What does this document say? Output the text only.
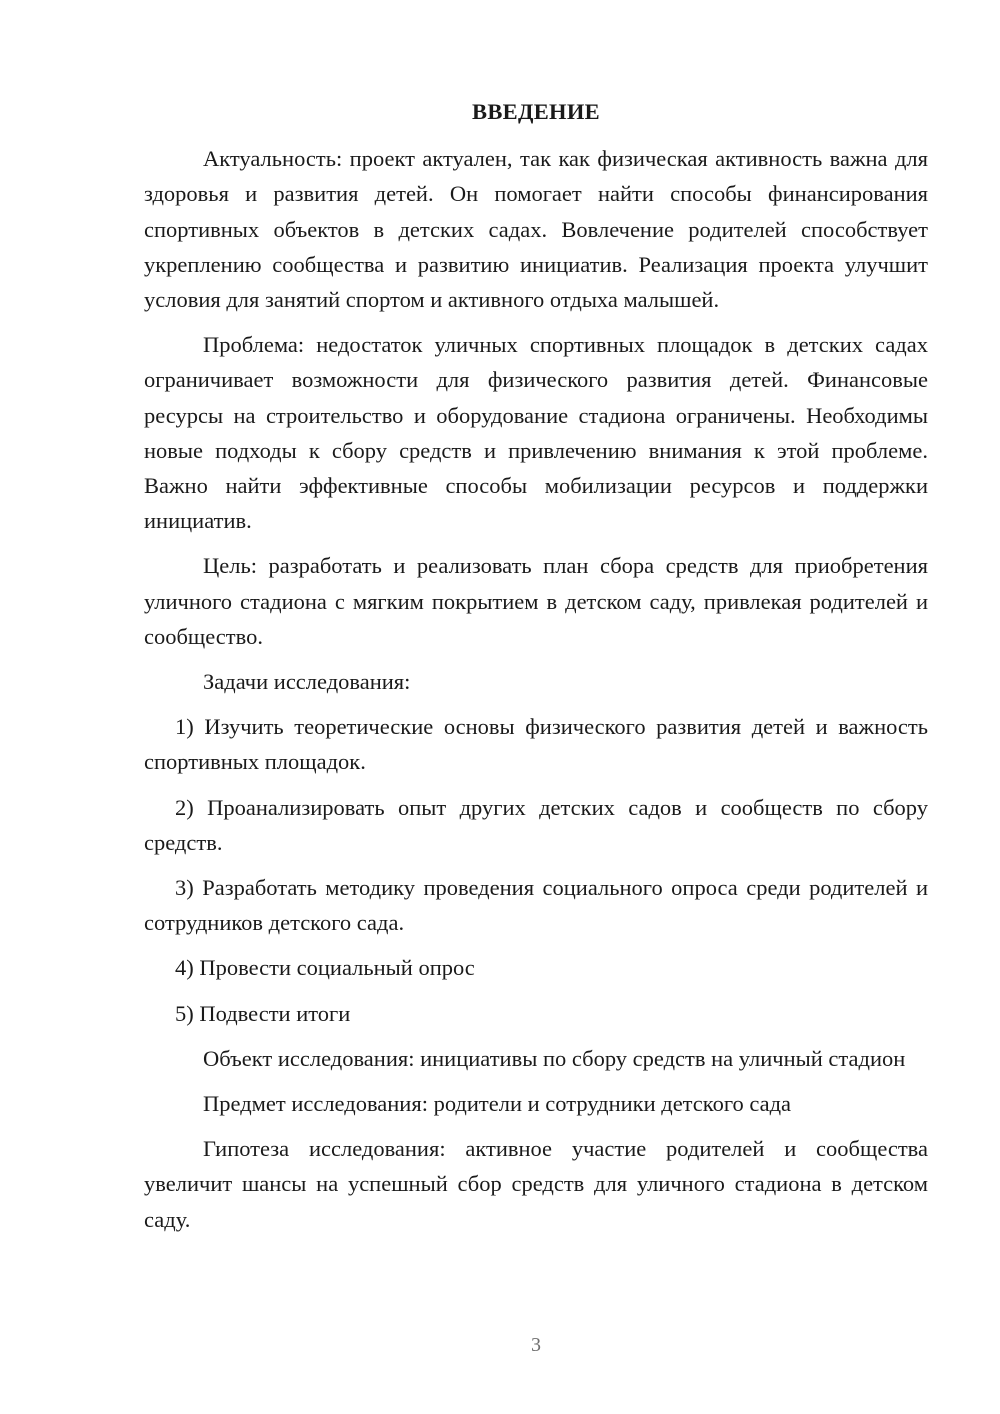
ВВЕДЕНИЕ

Актуальность: проект актуален, так как физическая активность важна для здоровья и развития детей. Он помогает найти способы финансирования спортивных объектов в детских садах. Вовлечение родителей способствует укреплению сообщества и развитию инициатив. Реализация проекта улучшит условия для занятий спортом и активного отдыха малышей.

Проблема: недостаток уличных спортивных площадок в детских садах ограничивает возможности для физического развития детей. Финансовые ресурсы на строительство и оборудование стадиона ограничены. Необходимы новые подходы к сбору средств и привлечению внимания к этой проблеме. Важно найти эффективные способы мобилизации ресурсов и поддержки инициатив.

Цель: разработать и реализовать план сбора средств для приобретения уличного стадиона с мягким покрытием в детском саду, привлекая родителей и сообщество.

Задачи исследования:

1) Изучить теоретические основы физического развития детей и важность спортивных площадок.

2) Проанализировать опыт других детских садов и сообществ по сбору средств.

3) Разработать методику проведения социального опроса среди родителей и сотрудников детского сада.

4) Провести социальный опрос

5) Подвести итоги

Объект исследования: инициативы по сбору средств на уличный стадион

Предмет исследования: родители и сотрудники детского сада

Гипотеза исследования: активное участие родителей и сообщества увеличит шансы на успешный сбор средств для уличного стадиона в детском саду.

3
